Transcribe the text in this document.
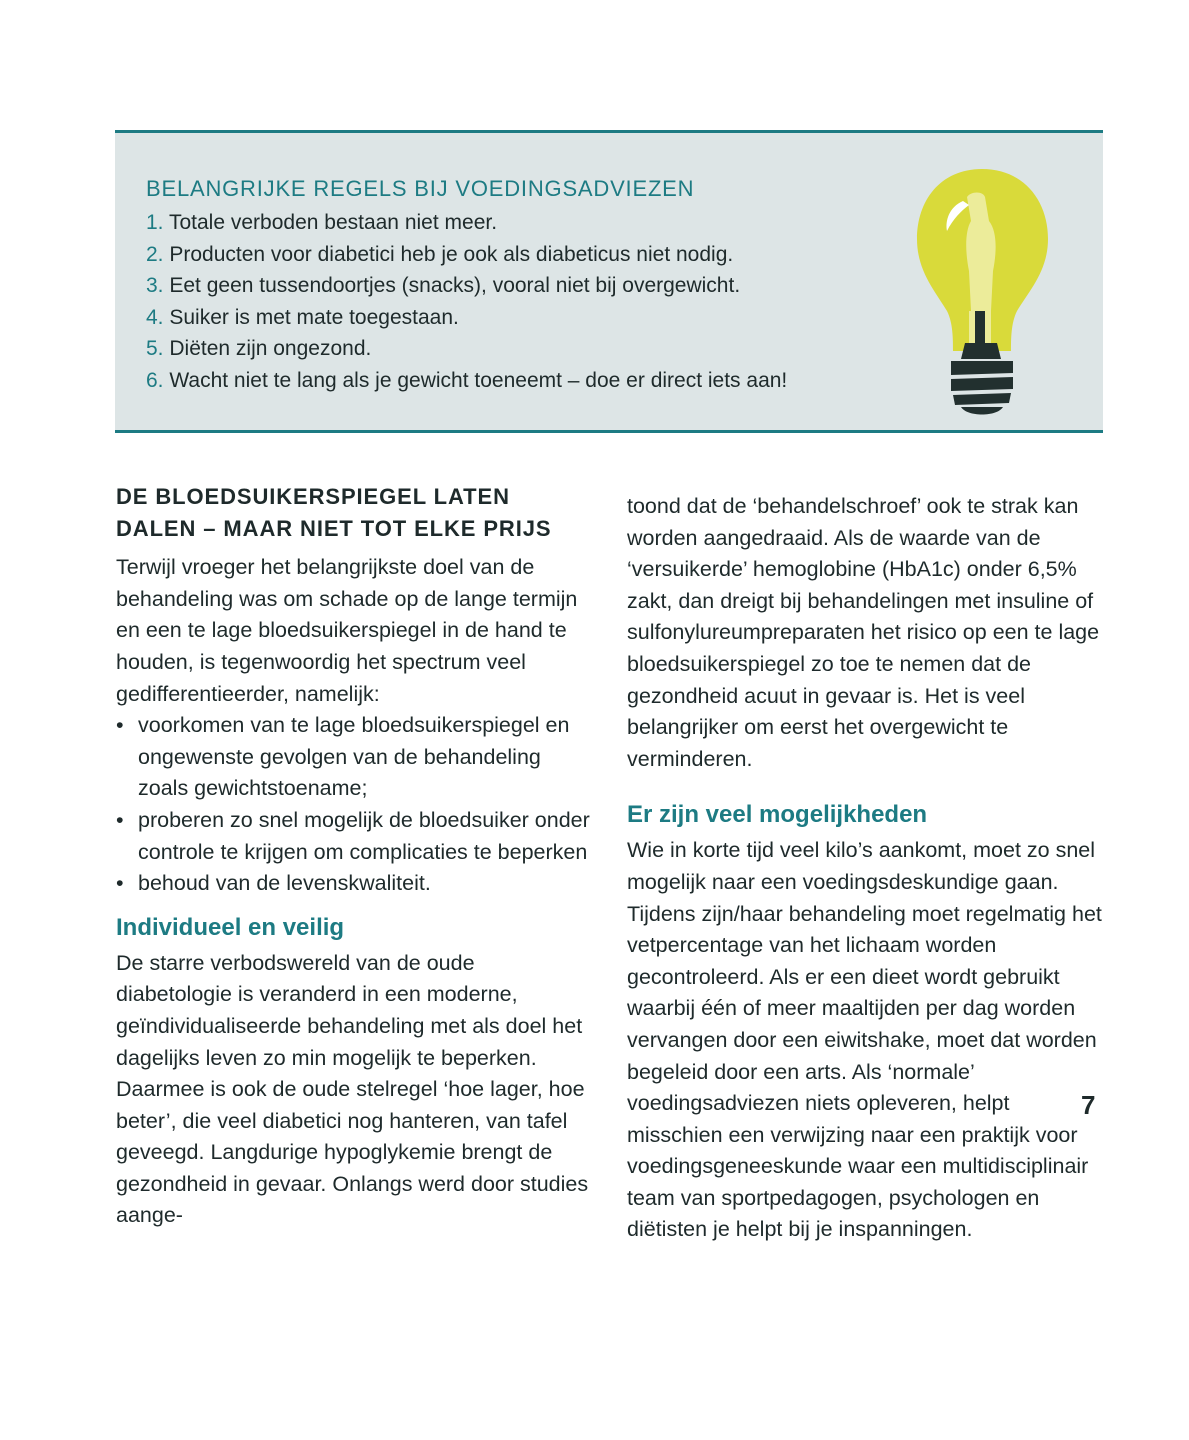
BELANGRIJKE REGELS BIJ VOEDINGSADVIEZEN
1. Totale verboden bestaan niet meer.
2. Producten voor diabetici heb je ook als diabeticus niet nodig.
3. Eet geen tussendoortjes (snacks), vooral niet bij overgewicht.
4. Suiker is met mate toegestaan.
5. Diëten zijn ongezond.
6. Wacht niet te lang als je gewicht toeneemt – doe er direct iets aan!
DE BLOEDSUIKERSPIEGEL LATEN DALEN – MAAR NIET TOT ELKE PRIJS

Terwijl vroeger het belangrijkste doel van de behandeling was om schade op de lange termijn en een te lage bloedsuikerspiegel in de hand te houden, is tegenwoordig het spectrum veel gedifferentieerder, namelijk:

• voorkomen van te lage bloedsuikerspiegel en ongewenste gevolgen van de behandeling zoals gewichtstoename;
• proberen zo snel mogelijk de bloedsuiker onder controle te krijgen om complicaties te beperken
• behoud van de levenskwaliteit.
Individueel en veilig

De starre verbodswereld van de oude diabetologie is veranderd in een moderne, geïndividualiseerde behandeling met als doel het dagelijks leven zo min mogelijk te beperken. Daarmee is ook de oude stelregel ‘hoe lager, hoe beter’, die veel diabetici nog hanteren, van tafel geveegd. Langdurige hypoglykemie brengt de gezondheid in gevaar. Onlangs werd door studies aange-

toond dat de ‘behandelschroef’ ook te strak kan worden aangedraaid. Als de waarde van de ‘versuikerde’ hemoglobine (HbA1c) onder 6,5% zakt, dan dreigt bij behandelingen met insuline of sulfonylureumpreparaten het risico op een te lage bloedsuikerspiegel zo toe te nemen dat de gezondheid acuut in gevaar is. Het is veel belangrijker om eerst het overgewicht te verminderen.

Er zijn veel mogelijkheden

Wie in korte tijd veel kilo’s aankomt, moet zo snel mogelijk naar een voedingsdeskundige gaan. Tijdens zijn/haar behandeling moet regelmatig het vetpercentage van het lichaam worden gecontroleerd. Als er een dieet wordt gebruikt waarbij één of meer maaltijden per dag worden vervangen door een eiwitshake, moet dat worden begeleid door een arts. Als ‘normale’ voedingsadviezen niets opleveren, helpt misschien een verwijzing naar een praktijk voor voedingsgeneeskunde waar een multidisciplinair team van sportpedagogen, psychologen en diëtisten je helpt bij je inspanningen.

7
